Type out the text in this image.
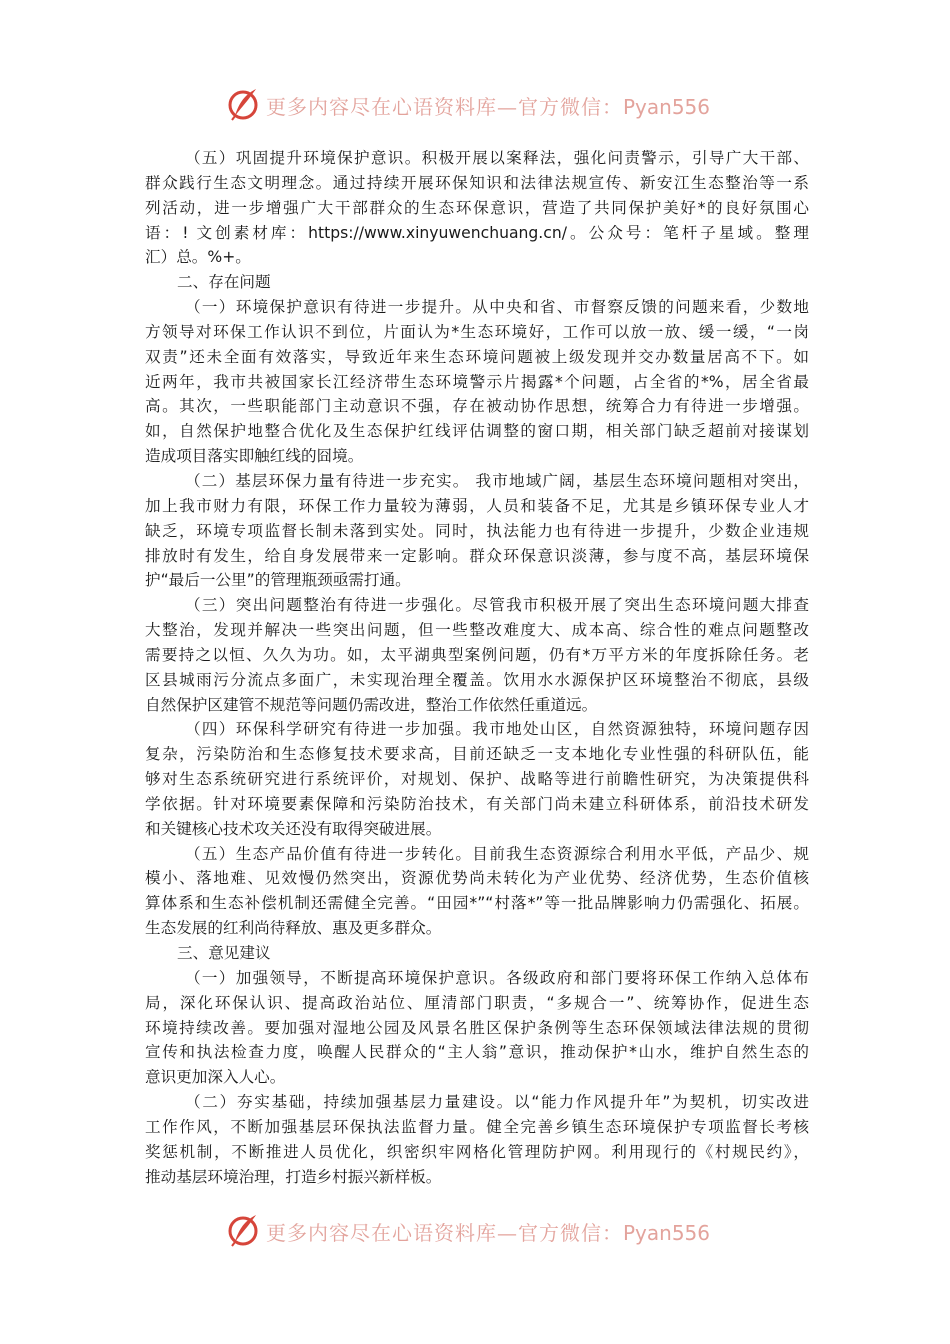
更多内容尽在心语资料库—官方微信：Pyan556
（五）巩固提升环境保护意识。积极开展以案释法，强化问责警示，引导广大干部、
群众践行生态文明理念。通过持续开展环保知识和法律法规宣传、新安江生态整治等一系
列活动，进一步增强广大干部群众的生态环保意识，营造了共同保护美好*的良好氛围心
语：! 文创素材库：https://www.xinyuwenchuang.cn/。公众号：笔杆子星域。整理
汇）总。%+。
二、存在问题
（一）环境保护意识有待进一步提升。从中央和省、市督察反馈的问题来看，少数地
方领导对环保工作认识不到位，片面认为*生态环境好，工作可以放一放、缓一缓，“一岗
双责”还未全面有效落实，导致近年来生态环境问题被上级发现并交办数量居高不下。如
近两年，我市共被国家长江经济带生态环境警示片揭露*个问题，占全省的*%，居全省最
高。其次，一些职能部门主动意识不强，存在被动协作思想，统筹合力有待进一步增强。
如，自然保护地整合优化及生态保护红线评估调整的窗口期，相关部门缺乏超前对接谋划
造成项目落实即触红线的囧境。
（二）基层环保力量有待进一步充实。 我市地域广阔，基层生态环境问题相对突出，
加上我市财力有限，环保工作力量较为薄弱，人员和装备不足，尤其是乡镇环保专业人才
缺乏，环境专项监督长制未落到实处。同时，执法能力也有待进一步提升，少数企业违规
排放时有发生，给自身发展带来一定影响。群众环保意识淡薄，参与度不高，基层环境保
护“最后一公里”的管理瓶颈亟需打通。
（三）突出问题整治有待进一步强化。尽管我市积极开展了突出生态环境问题大排查
大整治，发现并解决一些突出问题，但一些整改难度大、成本高、综合性的难点问题整改
需要持之以恒、久久为功。如，太平湖典型案例问题，仍有*万平方米的年度拆除任务。老
区县城雨污分流点多面广，未实现治理全覆盖。饮用水水源保护区环境整治不彻底，县级
自然保护区建管不规范等问题仍需改进，整治工作依然任重道远。
（四）环保科学研究有待进一步加强。我市地处山区，自然资源独特，环境问题存因
复杂，污染防治和生态修复技术要求高，目前还缺乏一支本地化专业性强的科研队伍，能
够对生态系统研究进行系统评价，对规划、保护、战略等进行前瞻性研究，为决策提供科
学依据。针对环境要素保障和污染防治技术，有关部门尚未建立科研体系，前沿技术研发
和关键核心技术攻关还没有取得突破进展。
（五）生态产品价值有待进一步转化。目前我生态资源综合利用水平低，产品少、规
模小、落地难、见效慢仍然突出，资源优势尚未转化为产业优势、经济优势，生态价值核
算体系和生态补偿机制还需健全完善。“田园*”“村落*”等一批品牌影响力仍需强化、拓展。
生态发展的红利尚待释放、惠及更多群众。
三、意见建议
（一）加强领导，不断提高环境保护意识。各级政府和部门要将环保工作纳入总体布
局，深化环保认识、提高政治站位、厘清部门职责，“多规合一”、统筹协作，促进生态
环境持续改善。要加强对湿地公园及风景名胜区保护条例等生态环保领域法律法规的贯彻
宣传和执法检查力度，唤醒人民群众的“主人翁”意识，推动保护*山水，维护自然生态的
意识更加深入人心。
（二）夯实基础，持续加强基层力量建设。以“能力作风提升年”为契机，切实改进
工作作风，不断加强基层环保执法监督力量。健全完善乡镇生态环境保护专项监督长考核
奖惩机制，不断推进人员优化，织密织牢网格化管理防护网。利用现行的《村规民约》，
推动基层环境治理，打造乡村振兴新样板。
更多内容尽在心语资料库—官方微信：Pyan556
